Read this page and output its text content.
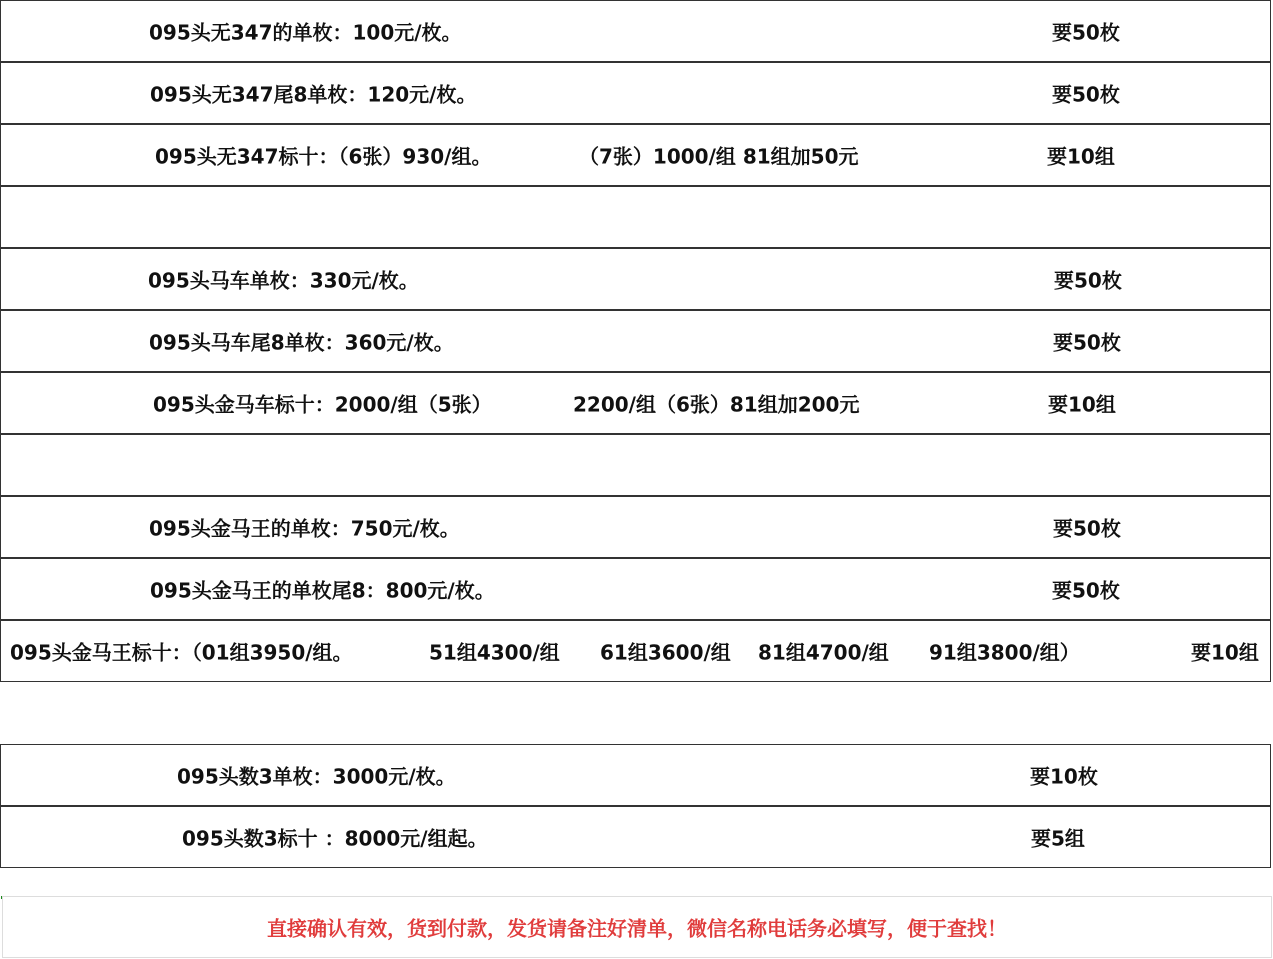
095头无347的单枚：100元/枚。	要50枚
095头无347尾8单枚：120元/枚。	要50枚
095头无347标十：（6张）930/组。	（7张）1000/组 81组加50元	要10组
095头马车单枚：330元/枚。	要50枚
095头马车尾8单枚：360元/枚。	要50枚
095头金马车标十：2000/组（5张）	2200/组（6张）81组加200元	要10组
095头金马王的单枚：750元/枚。	要50枚
095头金马王的单枚尾8：800元/枚。	要50枚
095头金马王标十：（01组3950/组。	51组4300/组 61组3600/组 81组4700/组 91组3800/组）	要10组
095头数3单枚：3000元/枚。	要10枚
095头数3标十 ：8000元/组起。	要5组
直接确认有效，货到付款，发货请备注好清单，微信名称电话务必填写，便于查找！
